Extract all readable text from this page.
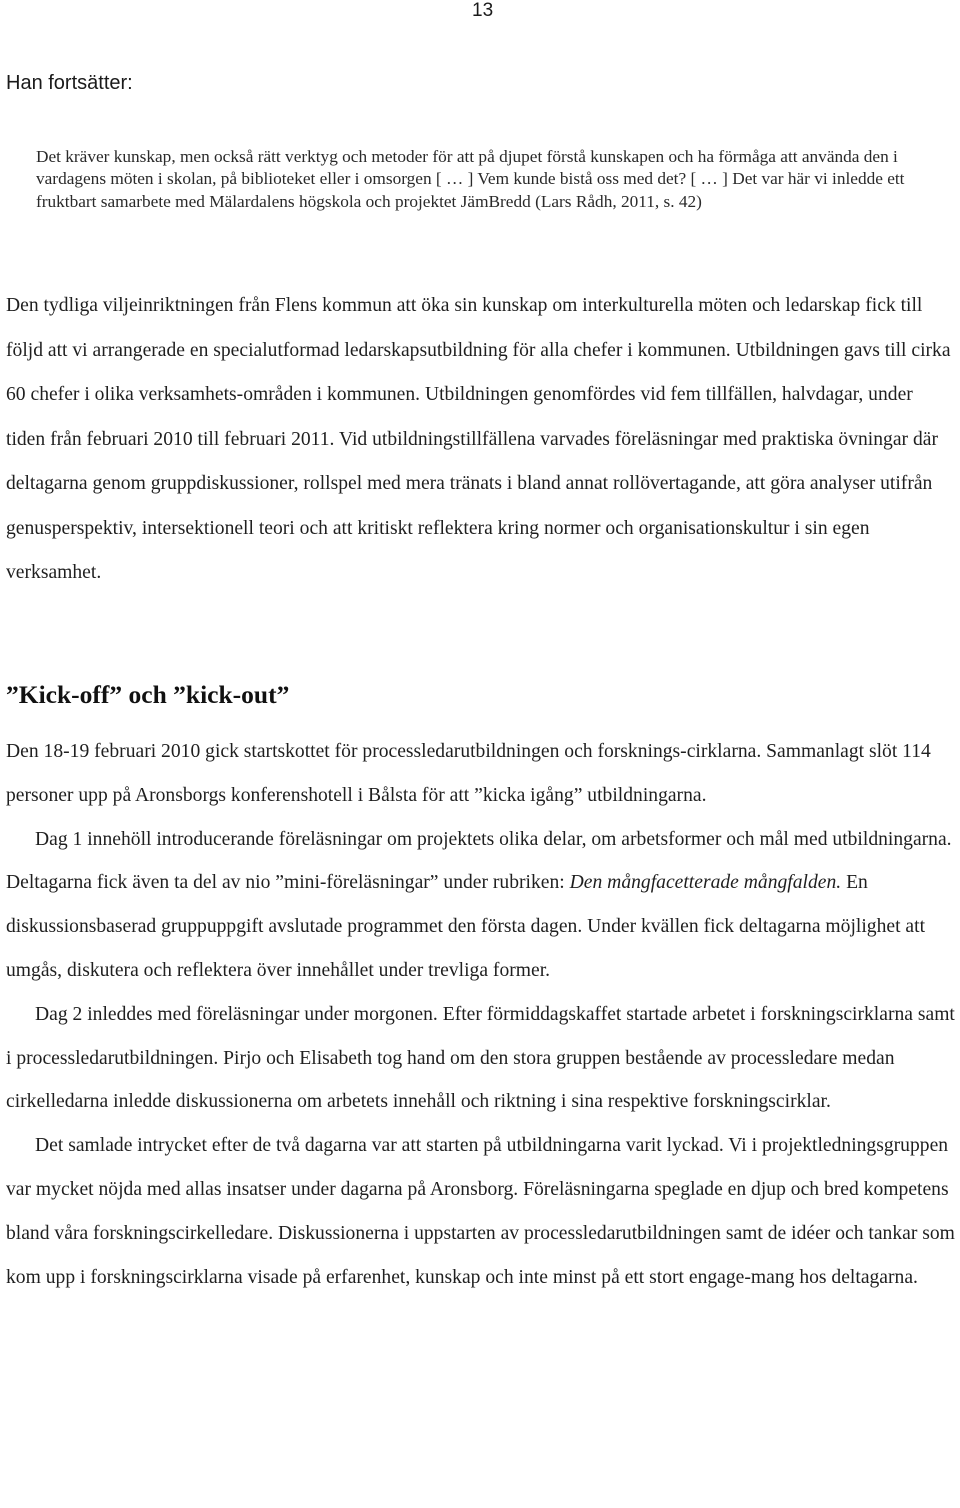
13
Han fortsätter:
Det kräver kunskap, men också rätt verktyg och metoder för att på djupet förstå kunskapen och ha förmåga att använda den i vardagens möten i skolan, på biblioteket eller i omsorgen [ … ] Vem kunde bistå oss med det? [ … ] Det var här vi inledde ett fruktbart samarbete med Mälardalens högskola och projektet JämBredd (Lars Rådh, 2011, s. 42)
Den tydliga viljeinriktningen från Flens kommun att öka sin kunskap om interkulturella möten och ledarskap fick till följd att vi arrangerade en specialutformad ledarskapsutbildning för alla chefer i kommunen. Utbildningen gavs till cirka 60 chefer i olika verksamhets-områden i kommunen. Utbildningen genomfördes vid fem tillfällen, halvdagar, under tiden från februari 2010 till februari 2011. Vid utbildningstillfällena varvades föreläsningar med praktiska övningar där deltagarna genom gruppdiskussioner, rollspel med mera tränats i bland annat rollövertagande, att göra analyser utifrån genusperspektiv, intersektionell teori och att kritiskt reflektera kring normer och organisationskultur i sin egen verksamhet.
”Kick-off” och ”kick-out”

Den 18-19 februari 2010 gick startskottet för processledarutbildningen och forsknings-cirklarna. Sammanlagt slöt 114 personer upp på Aronsborgs konferenshotell i Bålsta för att ”kicka igång” utbildningarna.

Dag 1 innehöll introducerande föreläsningar om projektets olika delar, om arbetsformer och mål med utbildningarna. Deltagarna fick även ta del av nio ”mini-föreläsningar” under rubriken: Den mångfacetterade mångfalden. En diskussionsbaserad gruppuppgift avslutade programmet den första dagen. Under kvällen fick deltagarna möjlighet att umgås, diskutera och reflektera över innehållet under trevliga former.

Dag 2 inleddes med föreläsningar under morgonen. Efter förmiddagskaffet startade arbetet i forskningscirklarna samt i processledarutbildningen. Pirjo och Elisabeth tog hand om den stora gruppen bestående av processledare medan cirkelledarna inledde diskussionerna om arbetets innehåll och riktning i sina respektive forskningscirklar.

Det samlade intrycket efter de två dagarna var att starten på utbildningarna varit lyckad. Vi i projektledningsgruppen var mycket nöjda med allas insatser under dagarna på Aronsborg. Föreläsningarna speglade en djup och bred kompetens bland våra forskningscirkelledare. Diskussionerna i uppstarten av processledarutbildningen samt de idéer och tankar som kom upp i forskningscirklarna visade på erfarenhet, kunskap och inte minst på ett stort engage-mang hos deltagarna.
